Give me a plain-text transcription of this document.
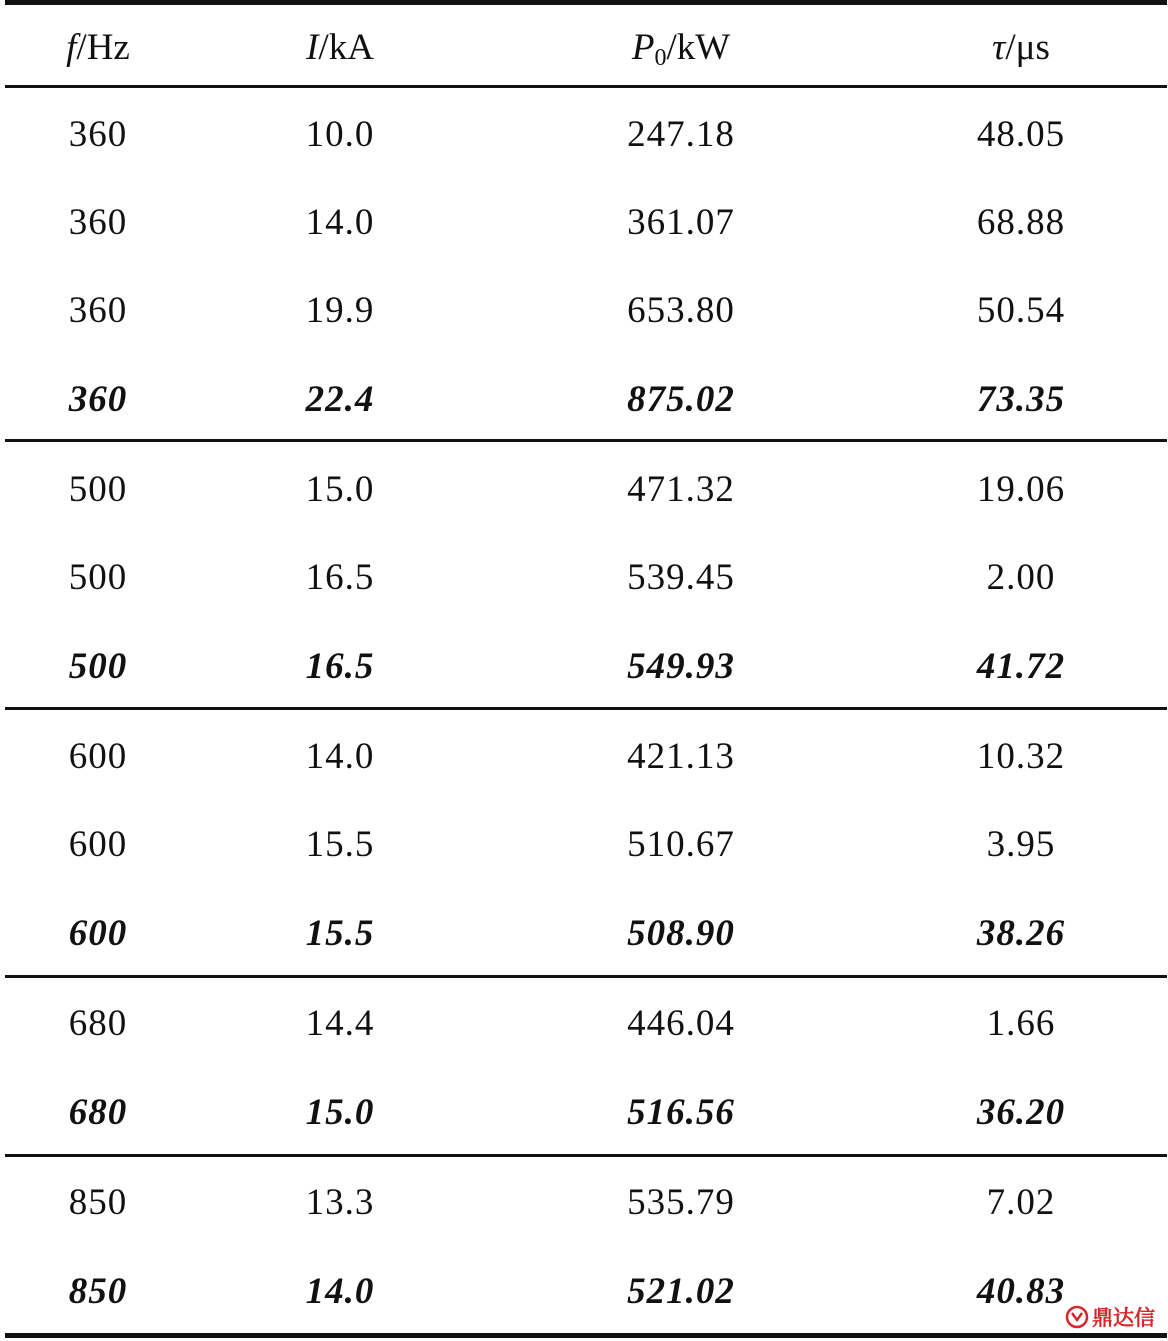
f/Hz	I/kA	$P_0/kW$	τ/μs
360	10.0	247.18	48.05
360	14.0	361.07	68.88
360	19.9	653.80	50.54
360	22.4	875.02	73.35
500	15.0	471.32	19.06
500	16.5	539.45	2.00
500	16.5	549.93	41.72
600	14.0	421.13	10.32
600	15.5	510.67	3.95
600	15.5	508.90	38.26
680	14.4	446.04	1.66
680	15.0	516.56	36.20
850	13.3	535.79	7.02
850	14.0	521.02	40.83
鼎达信
